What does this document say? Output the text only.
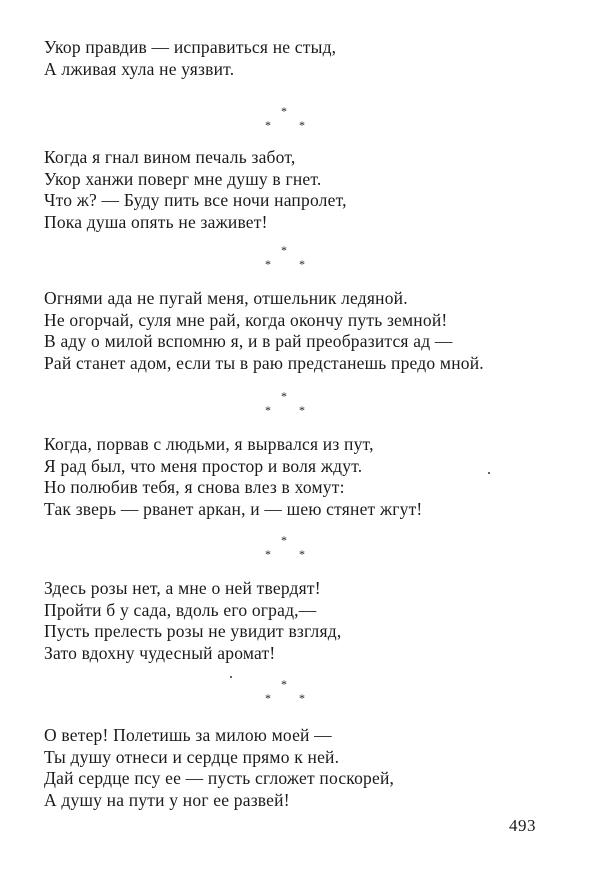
Укор правдив — исправиться не стыд,
А лживая хула не уязвит.
*
* *
Когда я гнал вином печаль забот,
Укор ханжи поверг мне душу в гнет.
Что ж? — Буду пить все ночи напролет,
Пока душа опять не заживет!
*
* *
Огнями ада не пугай меня, отшельник ледяной.
Не огорчай, суля мне рай, когда окончу путь земной!
В аду о милой вспомню я, и в рай преобразится ад —
Рай станет адом, если ты в раю предстанешь предо мной.
*
* *
Когда, порвав с людьми, я вырвался из пут,
Я рад был, что меня простор и воля ждут.
Но полюбив тебя, я снова влез в хомут:
Так зверь — рванет аркан, и — шею стянет жгут!
*
* *
Здесь розы нет, а мне о ней твердят!
Пройти б у сада, вдоль его оград,—
Пусть прелесть розы не увидит взгляд,
Зато вдохну чудесный аромат!
*
* *
О ветер! Полетишь за милою моей —
Ты душу отнеси и сердце прямо к ней.
Дай сердце псу ее — пусть сгложет поскорей,
А душу на пути у ног ее развей!
493
